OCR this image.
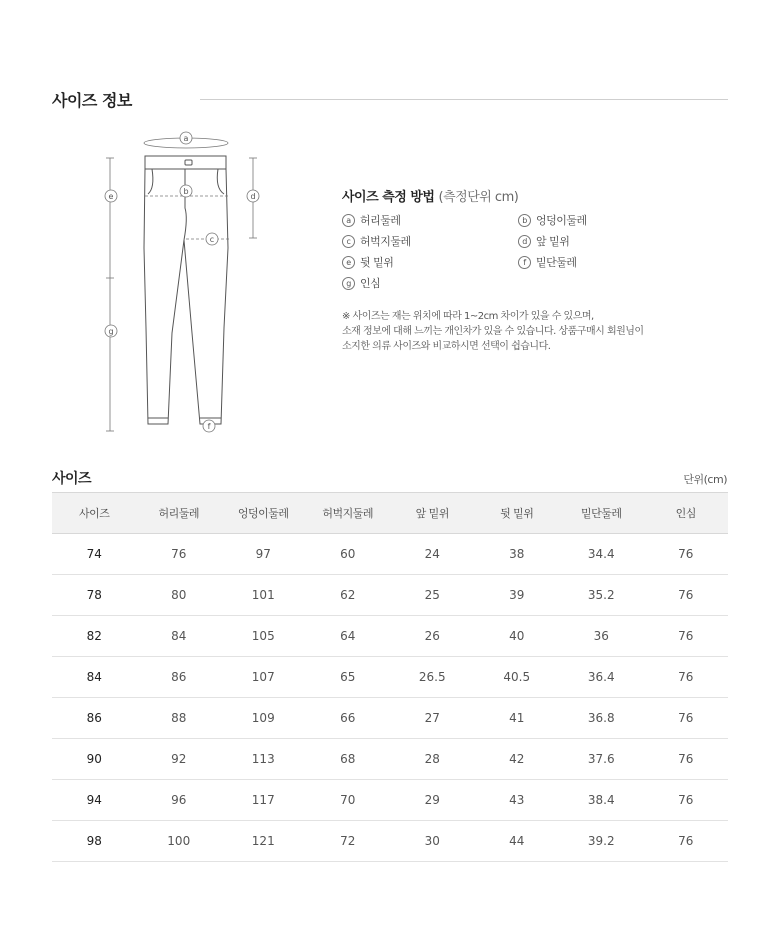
사이즈 정보
a
b
c
d
e
f
g
사이즈 측정 방법 (측정단위 cm)
a 허리둘레	b 엉덩이둘레
c 허벅지둘레	d 앞 밑위
e 뒷 밑위	f 밑단둘레
g 인심
※ 사이즈는 재는 위치에 따라 1~2cm 차이가 있을 수 있으며,
소재 정보에 대해 느끼는 개인차가 있을 수 있습니다. 상품구매시 회원님이
소지한 의류 사이즈와 비교하시면 선택이 쉽습니다.
사이즈	단위(cm)
사이즈	허리둘레	엉덩이둘레	허벅지둘레	앞 밑위	뒷 밑위	밑단둘레	인심
74	76	97	60	24	38	34.4	76
78	80	101	62	25	39	35.2	76
82	84	105	64	26	40	36	76
84	86	107	65	26.5	40.5	36.4	76
86	88	109	66	27	41	36.8	76
90	92	113	68	28	42	37.6	76
94	96	117	70	29	43	38.4	76
98	100	121	72	30	44	39.2	76
